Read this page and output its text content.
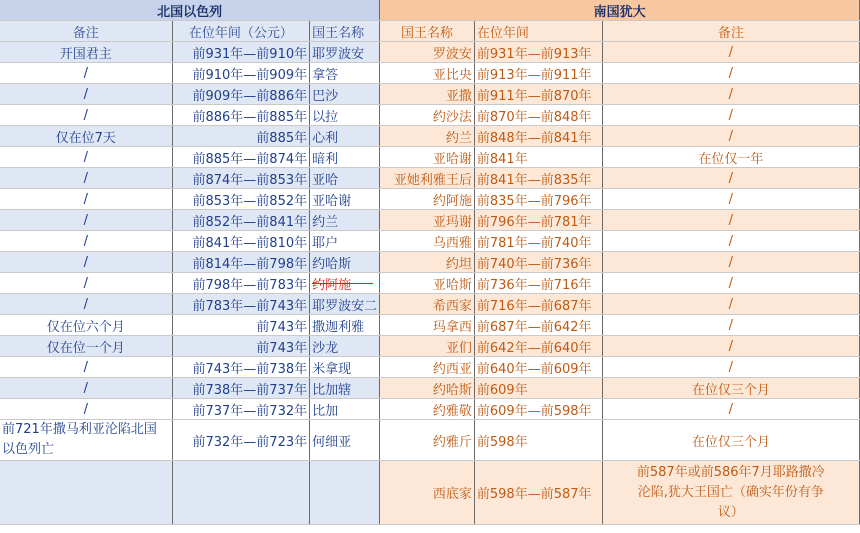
北国以色列			南国犹大		
备注	在位年间（公元）	国王名称	国王名称	在位年间	备注
开国君主	前931年—前910年	耶罗波安	罗波安	前931年—前913年	/
/	前910年—前909年	拿答	亚比央	前913年—前911年	/
/	前909年—前886年	巴沙	亚撒	前911年—前870年	/
/	前886年—前885年	以拉	约沙法	前870年—前848年	/
仅在位7天	前885年	心利	约兰	前848年—前841年	/
/	前885年—前874年	暗利	亚哈谢	前841年	在位仅一年
/	前874年—前853年	亚哈	亚她利雅王后	前841年—前835年	/
/	前853年—前852年	亚哈谢	约阿施	前835年—前796年	/
/	前852年—前841年	约兰	亚玛谢	前796年—前781年	/
/	前841年—前810年	耶户	乌西雅	前781年—前740年	/
/	前814年—前798年	约哈斯	约坦	前740年—前736年	/
/	前798年—前783年	约阿施	亚哈斯	前736年—前716年	/
/	前783年—前743年	耶罗波安二	希西家	前716年—前687年	/
仅在位六个月	前743年	撒迦利雅	玛拿西	前687年—前642年	/
仅在位一个月	前743年	沙龙	亚们	前642年—前640年	/
/	前743年—前738年	米拿现	约西亚	前640年—前609年	/
/	前738年—前737年	比加辖	约哈斯	前609年	在位仅三个月
/	前737年—前732年	比加	约雅敬	前609年—前598年	/
前721年撒马利亚沦陷北国以色列亡	前732年—前723年	何细亚	约雅斤	前598年	在位仅三个月
			西底家	前598年—前587年	前587年或前586年7月耶路撒冷沦陷,犹大王国亡（确实年份有争议）
